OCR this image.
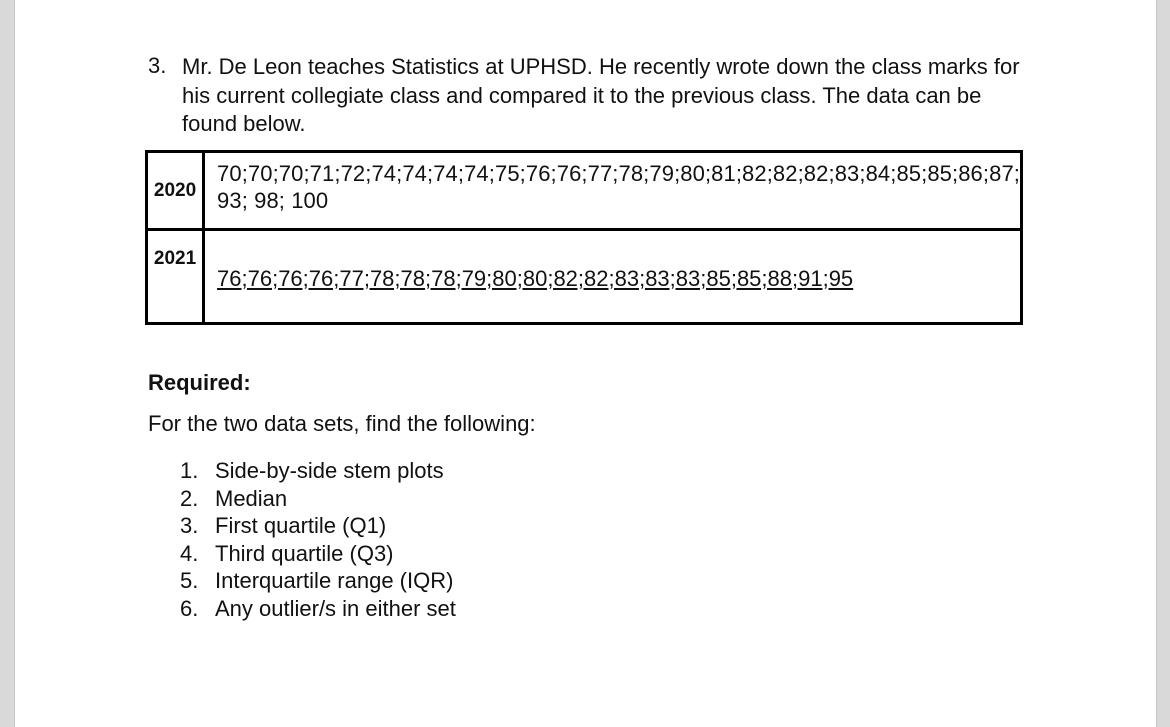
3. Mr. De Leon teaches Statistics at UPHSD. He recently wrote down the class marks for his current collegiate class and compared it to the previous class. The data can be found below.
2020	70;70;70;71;72;74;74;74;74;75;76;76;77;78;79;80;81;82;82;82;83;84;85;85;86;87; 93; 98; 100
2021	76;76;76;76;77;78;78;78;79;80;80;82;82;83;83;83;85;85;88;91;95
Required:
For the two data sets, find the following:
1. Side-by-side stem plots
2. Median
3. First quartile (Q1)
4. Third quartile (Q3)
5. Interquartile range (IQR)
6. Any outlier/s in either set
